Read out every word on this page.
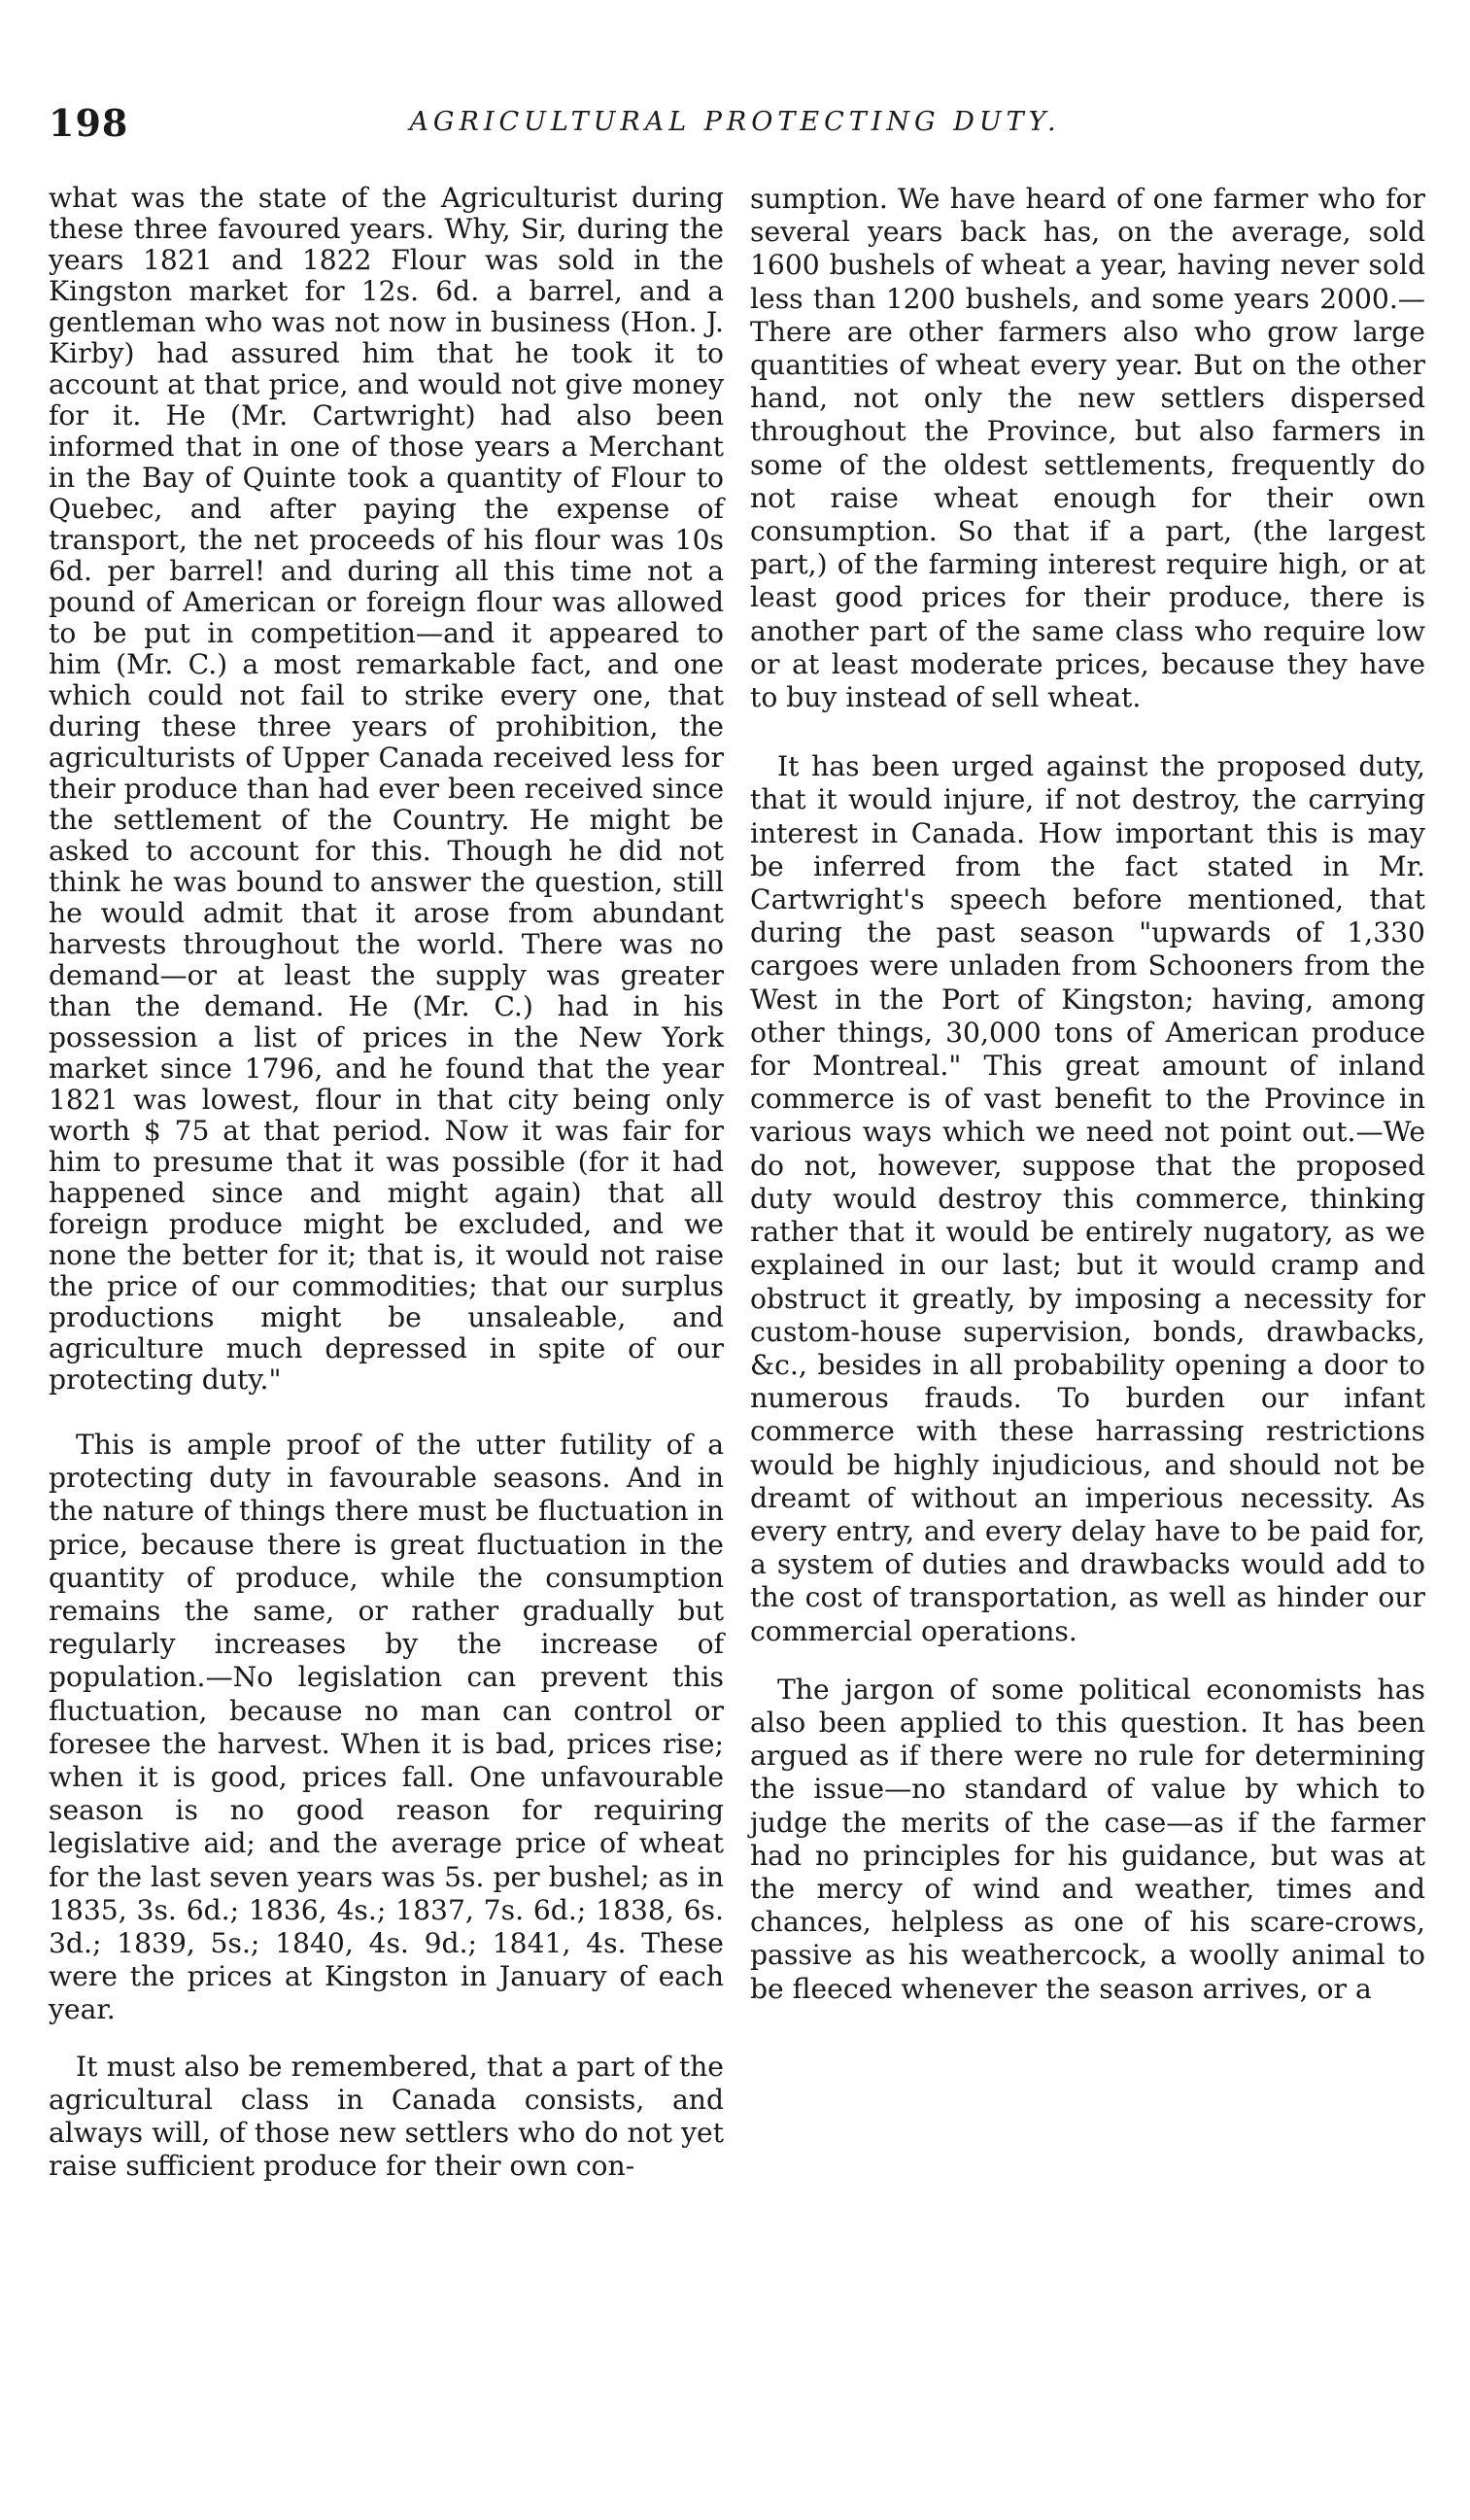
198	AGRICULTURAL PROTECTING DUTY.

what was the state of the Agriculturist during these three favoured years. Why, Sir, during the years 1821 and 1822 Flour was sold in the Kingston market for 12s. 6d. a barrel, and a gentleman who was not now in business (Hon. J. Kirby) had assured him that he took it to account at that price, and would not give money for it. He (Mr. Cartwright) had also been informed that in one of those years a Merchant in the Bay of Quinte took a quantity of Flour to Quebec, and after paying the expense of transport, the net proceeds of his flour was 10s 6d. per barrel! and during all this time not a pound of American or foreign flour was allowed to be put in competition—and it appeared to him (Mr. C.) a most remarkable fact, and one which could not fail to strike every one, that during these three years of prohibition, the agriculturists of Upper Canada received less for their produce than had ever been received since the settlement of the Country. He might be asked to account for this. Though he did not think he was bound to answer the question, still he would admit that it arose from abundant harvests throughout the world. There was no demand—or at least the supply was greater than the demand. He (Mr. C.) had in his possession a list of prices in the New York market since 1796, and he found that the year 1821 was lowest, flour in that city being only worth $ 75 at that period. Now it was fair for him to presume that it was possible (for it had happened since and might again) that all foreign produce might be excluded, and we none the better for it; that is, it would not raise the price of our commodities; that our surplus productions might be unsaleable, and agriculture much depressed in spite of our protecting duty."

This is ample proof of the utter futility of a protecting duty in favourable seasons. And in the nature of things there must be fluctuation in price, because there is great fluctuation in the quantity of produce, while the consumption remains the same, or rather gradually but regularly increases by the increase of population.—No legislation can prevent this fluctuation, because no man can control or foresee the harvest. When it is bad, prices rise; when it is good, prices fall. One unfavourable season is no good reason for requiring legislative aid; and the average price of wheat for the last seven years was 5s. per bushel; as in 1835, 3s. 6d.; 1836, 4s.; 1837, 7s. 6d.; 1838, 6s. 3d.; 1839, 5s.; 1840, 4s. 9d.; 1841, 4s. These were the prices at Kingston in January of each year.

It must also be remembered, that a part of the agricultural class in Canada consists, and always will, of those new settlers who do not yet raise sufficient produce for their own con-

sumption. We have heard of one farmer who for several years back has, on the average, sold 1600 bushels of wheat a year, having never sold less than 1200 bushels, and some years 2000.—There are other farmers also who grow large quantities of wheat every year. But on the other hand, not only the new settlers dispersed throughout the Province, but also farmers in some of the oldest settlements, frequently do not raise wheat enough for their own consumption. So that if a part, (the largest part,) of the farming interest require high, or at least good prices for their produce, there is another part of the same class who require low or at least moderate prices, because they have to buy instead of sell wheat.

It has been urged against the proposed duty, that it would injure, if not destroy, the carrying interest in Canada. How important this is may be inferred from the fact stated in Mr. Cartwright's speech before mentioned, that during the past season "upwards of 1,330 cargoes were unladen from Schooners from the West in the Port of Kingston; having, among other things, 30,000 tons of American produce for Montreal." This great amount of inland commerce is of vast benefit to the Province in various ways which we need not point out.—We do not, however, suppose that the proposed duty would destroy this commerce, thinking rather that it would be entirely nugatory, as we explained in our last; but it would cramp and obstruct it greatly, by imposing a necessity for custom-house supervision, bonds, drawbacks, &c., besides in all probability opening a door to numerous frauds. To burden our infant commerce with these harrassing restrictions would be highly injudicious, and should not be dreamt of without an imperious necessity. As every entry, and every delay have to be paid for, a system of duties and drawbacks would add to the cost of transportation, as well as hinder our commercial operations.

The jargon of some political economists has also been applied to this question. It has been argued as if there were no rule for determining the issue—no standard of value by which to judge the merits of the case—as if the farmer had no principles for his guidance, but was at the mercy of wind and weather, times and chances, helpless as one of his scare-crows, passive as his weathercock, a woolly animal to be fleeced whenever the season arrives, or a
